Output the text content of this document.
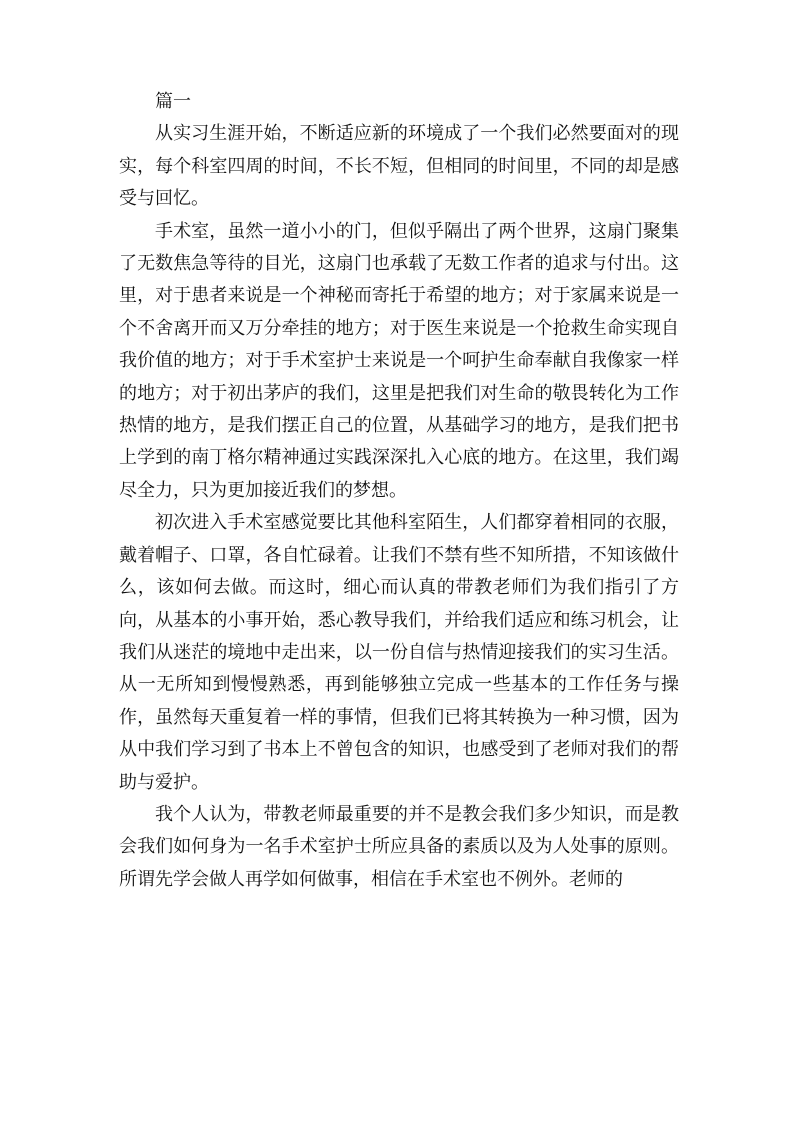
篇一

从实习生涯开始，不断适应新的环境成了一个我们必然要面对的现实，每个科室四周的时间，不长不短，但相同的时间里，不同的却是感受与回忆。

手术室，虽然一道小小的门，但似乎隔出了两个世界，这扇门聚集了无数焦急等待的目光，这扇门也承载了无数工作者的追求与付出。这里，对于患者来说是一个神秘而寄托于希望的地方；对于家属来说是一个不舍离开而又万分牵挂的地方；对于医生来说是一个抢救生命实现自我价值的地方；对于手术室护士来说是一个呵护生命奉献自我像家一样的地方；对于初出茅庐的我们，这里是把我们对生命的敬畏转化为工作热情的地方，是我们摆正自己的位置，从基础学习的地方，是我们把书上学到的南丁格尔精神通过实践深深扎入心底的地方。在这里，我们竭尽全力，只为更加接近我们的梦想。

初次进入手术室感觉要比其他科室陌生，人们都穿着相同的衣服，戴着帽子、口罩，各自忙碌着。让我们不禁有些不知所措，不知该做什么，该如何去做。而这时，细心而认真的带教老师们为我们指引了方向，从基本的小事开始，悉心教导我们，并给我们适应和练习机会，让我们从迷茫的境地中走出来，以一份自信与热情迎接我们的实习生活。从一无所知到慢慢熟悉，再到能够独立完成一些基本的工作任务与操作，虽然每天重复着一样的事情，但我们已将其转换为一种习惯，因为从中我们学习到了书本上不曾包含的知识，也感受到了老师对我们的帮助与爱护。

我个人认为，带教老师最重要的并不是教会我们多少知识，而是教会我们如何身为一名手术室护士所应具备的素质以及为人处事的原则。所谓先学会做人再学如何做事，相信在手术室也不例外。老师的
